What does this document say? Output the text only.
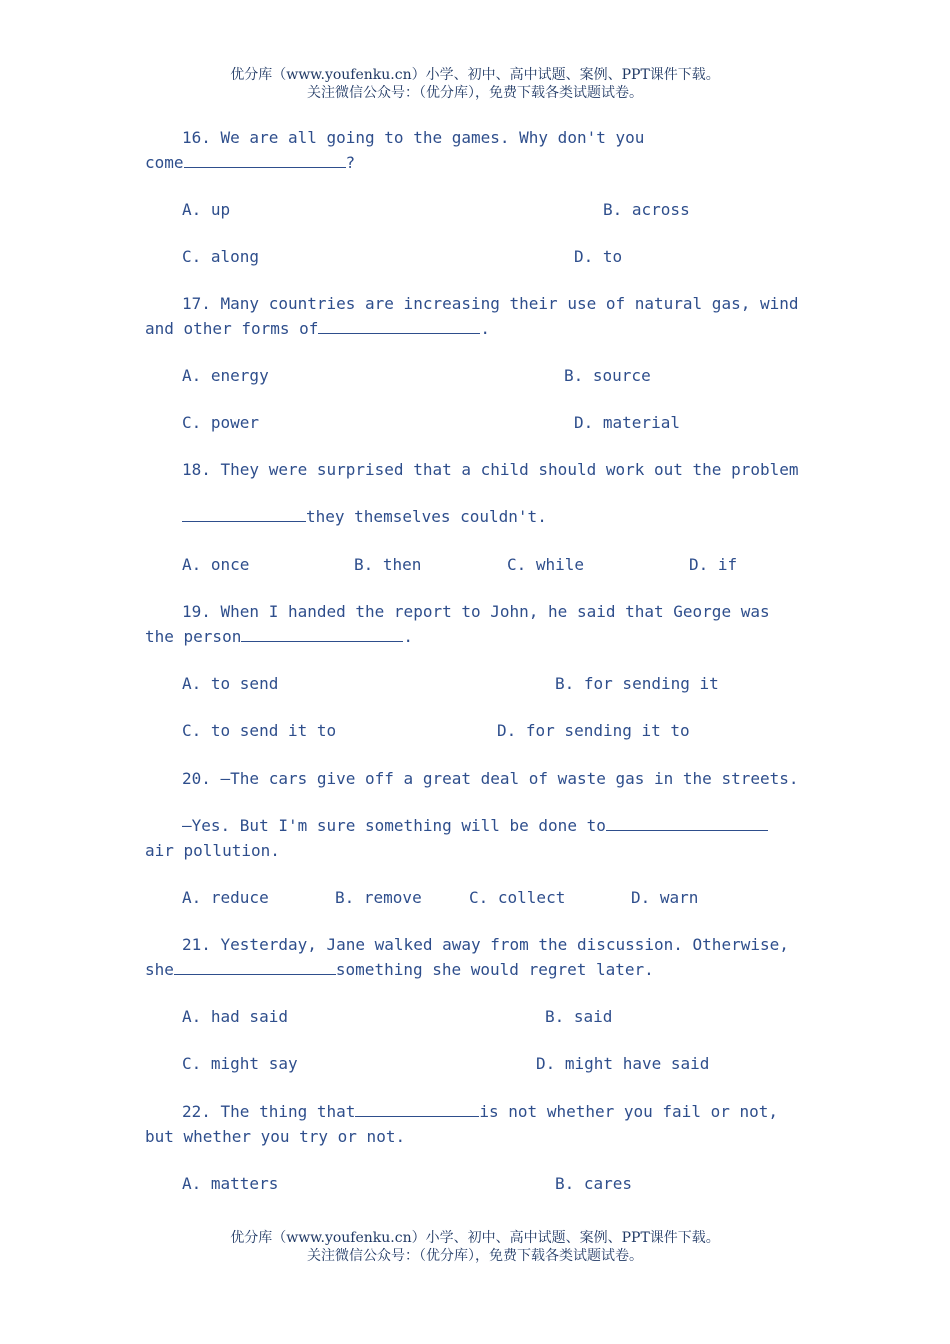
优分库（www.youfenku.cn）小学、初中、高中试题、案例、PPT课件下载。
关注微信公众号：（优分库），免费下载各类试题试卷。
16. We are all going to the games. Why don't you
come	?
A. up	B. across
C. along	D. to
17. Many countries are increasing their use of natural gas, wind
and other forms of	.
A. energy	B. source
C. power	D. material
18. They were surprised that a child should work out the problem
they themselves couldn't.
A. once	B. then	C. while	D. if
19. When I handed the report to John, he said that George was
the person	.
A. to send	B. for sending it
C. to send it to	D. for sending it to
20. —The cars give off a great deal of waste gas in the streets.
—Yes. But I'm sure something will be done to
air pollution.
A. reduce	B. remove	C. collect	D. warn
21. Yesterday, Jane walked away from the discussion. Otherwise,
she	something she would regret later.
A. had said	B. said
C. might say	D. might have said
22. The thing that	is not whether you fail or not,
but whether you try or not.
A. matters	B. cares
优分库（www.youfenku.cn）小学、初中、高中试题、案例、PPT课件下载。
关注微信公众号：（优分库），免费下载各类试题试卷。
